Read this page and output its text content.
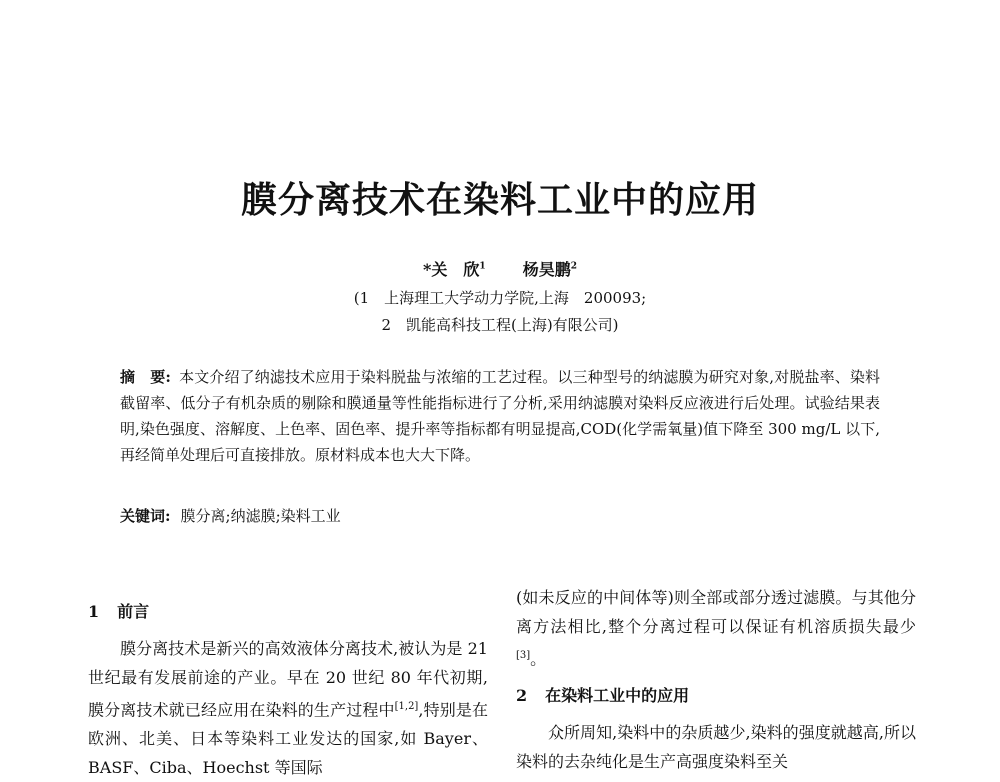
膜分离技术在染料工业中的应用
*关　欣$^1$ 杨昊鹏$^2$
(1　上海理工大学动力学院,上海　200093;
2　凯能高科技工程(上海)有限公司)
摘　要: 本文介绍了纳滤技术应用于染料脱盐与浓缩的工艺过程。以三种型号的纳滤膜为研究对象,对脱盐率、染料截留率、低分子有机杂质的剔除和膜通量等性能指标进行了分析,采用纳滤膜对染料反应液进行后处理。试验结果表明,染色强度、溶解度、上色率、固色率、提升率等指标都有明显提高,COD(化学需氧量)值下降至 300 mg/L 以下,再经简单处理后可直接排放。原材料成本也大大下降。
关键词: 膜分离;纳滤膜;染料工业
1 前言
膜分离技术是新兴的高效液体分离技术,被认为是 21 世纪最有发展前途的产业。早在 20 世纪 80 年代初期,膜分离技术就已经应用在染料的生产过程中[1,2],特别是在欧洲、北美、日本等染料工业发达的国家,如 Bayer、BASF、Ciba、Hoechst 等国际
(如未反应的中间体等)则全部或部分透过滤膜。与其他分离方法相比,整个分离过程可以保证有机溶质损失最少[3]。
2 在染料工业中的应用
众所周知,染料中的杂质越少,染料的强度就越高,所以染料的去杂纯化是生产高强度染料至关
